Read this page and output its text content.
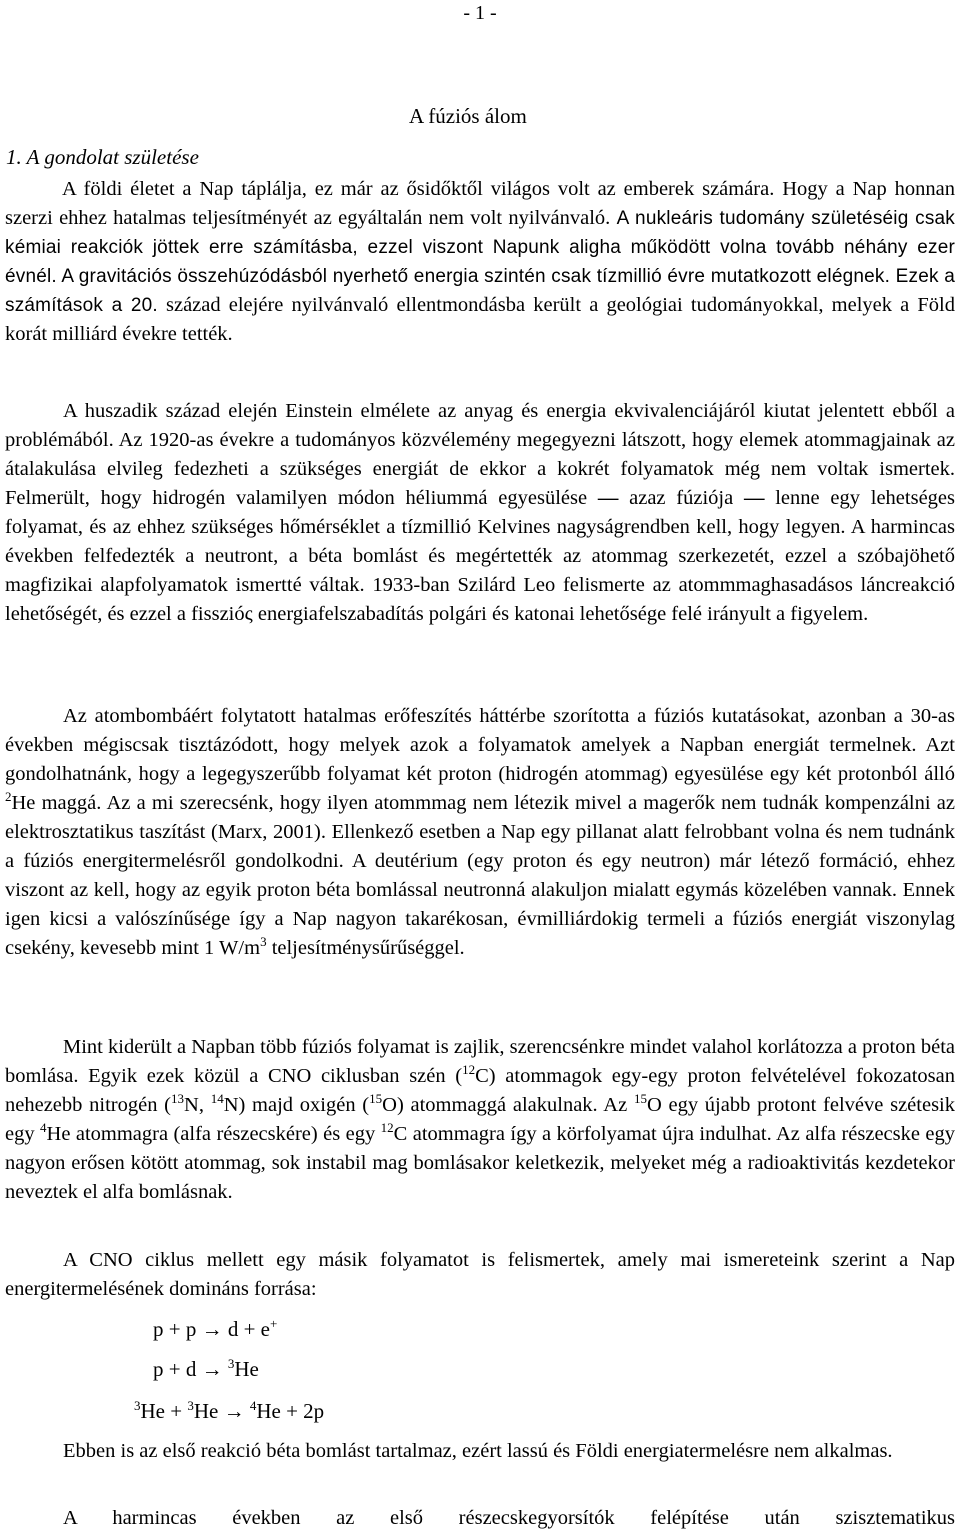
- 1 -
A fúziós álom
1. A gondolat születése

A földi életet a Nap táplálja, ez már az ősidőktől világos volt az emberek számára. Hogy a Nap honnan szerzi ehhez hatalmas teljesítményét az egyáltalán nem volt nyilvánvaló. A nukleáris tudomány születéséig csak kémiai reakciók jöttek erre számításba, ezzel viszont Napunk aligha működött volna tovább néhány ezer évnél. A gravitációs összehúzódásból nyerhető energia szintén csak tízmillió évre mutatkozott elégnek. Ezek a számítások a 20. század elejére nyilvánvaló ellentmondásba került a geológiai tudományokkal, melyek a Föld korát milliárd évekre tették.

A huszadik század elején Einstein elmélete az anyag és energia ekvivalenciájáról kiutat jelentett ebből a problémából. Az 1920-as évekre a tudományos közvélemény megegyezni látszott, hogy elemek atommagjainak az átalakulása elvileg fedezheti a szükséges energiát de ekkor a kokrét folyamatok még nem voltak ismertek. Felmerült, hogy hidrogén valamilyen módon héliummá egyesülése — azaz fúziója — lenne egy lehetséges folyamat, és az ehhez szükséges hőmérséklet a tízmillió Kelvines nagyságrendben kell, hogy legyen. A harmincas években felfedezték a neutront, a béta bomlást és megértették az atommag szerkezetét, ezzel a szóbajöhető magfizikai alapfolyamatok ismertté váltak. 1933-ban Szilárd Leo felismerte az atommmaghasadásos láncreakció lehetőségét, és ezzel a fisszióς energiafelszabadítás polgári és katonai lehetősége felé irányult a figyelem.

Az atombombáért folytatott hatalmas erőfeszítés háttérbe szorította a fúziós kutatásokat, azonban a 30-as években mégiscsak tisztázódott, hogy melyek azok a folyamatok amelyek a Napban energiát termelnek. Azt gondolhatnánk, hogy a legegyszerűbb folyamat két proton (hidrogén atommag) egyesülése egy két protonból álló $^2$He maggá. Az a mi szerecsénk, hogy ilyen atommmag nem létezik mivel a magerők nem tudnák kompenzálni az elektrosztatikus taszítást (Marx, 2001). Ellenkező esetben a Nap egy pillanat alatt felrobbant volna és nem tudnánk a fúziós energitermelésről gondolkodni. A deutérium (egy proton és egy neutron) már létező formáció, ehhez viszont az kell, hogy az egyik proton béta bomlással neutronná alakuljon mialatt egymás közelében vannak. Ennek igen kicsi a valószínűsége így a Nap nagyon takarékosan, évmilliárdokig termeli a fúziós energiát viszonylag csekény, kevesebb mint 1 $W/m^3$ teljesítménysűrűséggel.

Mint kiderült a Napban több fúziós folyamat is zajlik, szerencsénkre mindet valahol korlátozza a proton béta bomlása. Egyik ezek közül a CNO ciklusban szén ($^{12}$C) atommagok egy-egy proton felvételével fokozatosan nehezebb nitrogén ($^{13}$N, $^{14}$N) majd oxigén ($^{15}$O) atommaggá alakulnak. Az $^{15}$O egy újabb protont felvéve szétesik egy $^4$He atommagra (alfa részecskére) és egy $^{12}$C atommagra így a körfolyamat újra indulhat. Az alfa részecske egy nagyon erősen kötött atommag, sok instabil mag bomlásakor keletkezik, melyeket még a radioaktivitás kezdetekor neveztek el alfa bomlásnak.

A CNO ciklus mellett egy másik folyamatot is felismertek, amely mai ismereteink szerint a Nap energitermelésének domináns forrása:

p + p → d + e+
p + d → $^3$He
$^3$He + $^3$He → $^4$He + 2p

Ebben is az első reakció béta bomlást tartalmaz, ezért lassú és Földi energiatermelésre nem alkalmas.

A harmincas években az első részecskegyorsítók felépítése után szisztematikus
